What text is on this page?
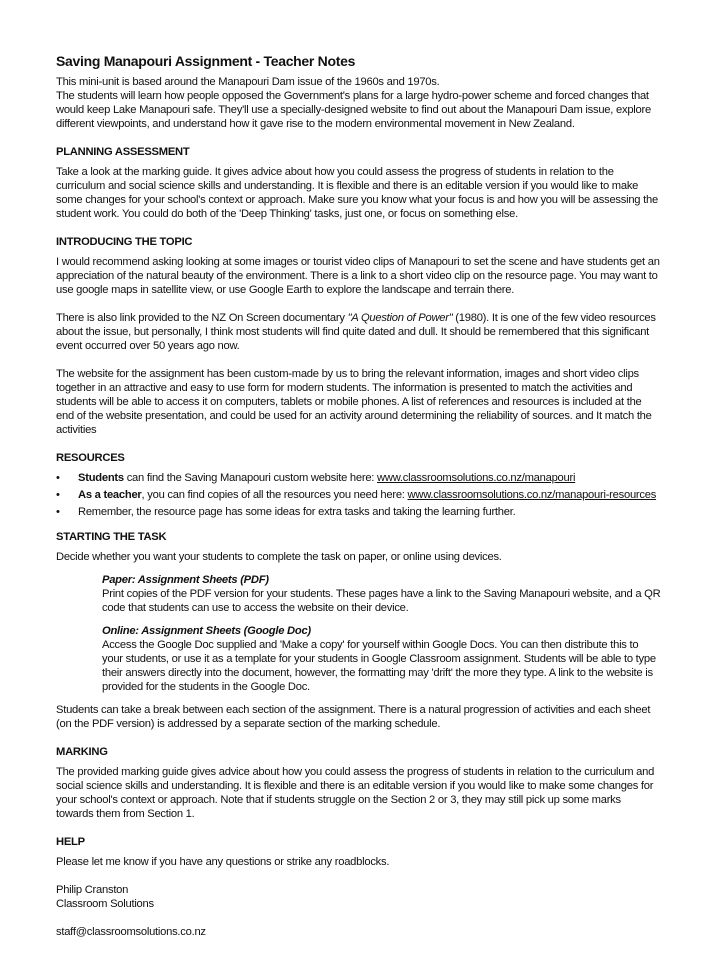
Saving Manapouri Assignment - Teacher Notes

This mini-unit is based around the Manapouri Dam issue of the 1960s and 1970s.

The students will learn how people opposed the Government's plans for a large hydro-power scheme and forced changes that would keep Lake Manapouri safe. They'll use a specially-designed website to find out about the Manapouri Dam issue, explore different viewpoints, and understand how it gave rise to the modern environmental movement in New Zealand.

PLANNING ASSESSMENT

Take a look at the marking guide. It gives advice about how you could assess the progress of students in relation to the curriculum and social science skills and understanding. It is flexible and there is an editable version if you would like to make some changes for your school's context or approach. Make sure you know what your focus is and how you will be assessing the student work. You could do both of the 'Deep Thinking' tasks, just one, or focus on something else.

INTRODUCING THE TOPIC

I would recommend asking looking at some images or tourist video clips of Manapouri to set the scene and have students get an appreciation of the natural beauty of the environment. There is a link to a short video clip on the resource page. You may want to use google maps in satellite view, or use Google Earth to explore the landscape and terrain there.

There is also link provided to the NZ On Screen documentary "A Question of Power" (1980). It is one of the few video resources about the issue, but personally, I think most students will find quite dated and dull. It should be remembered that this significant event occurred over 50 years ago now.

The website for the assignment has been custom-made by us to bring the relevant information, images and short video clips together in an attractive and easy to use form for modern students. The information is presented to match the activities and students will be able to access it on computers, tablets or mobile phones. A list of references and resources is included at the end of the website presentation, and could be used for an activity around determining the reliability of sources. and It match the activities

RESOURCES
• Students can find the Saving Manapouri custom website here: www.classroomsolutions.co.nz/manapouri
• As a teacher, you can find copies of all the resources you need here: www.classroomsolutions.co.nz/manapouri-resources
• Remember, the resource page has some ideas for extra tasks and taking the learning further.
STARTING THE TASK

Decide whether you want your students to complete the task on paper, or online using devices.

Paper: Assignment Sheets (PDF)

Print copies of the PDF version for your students. These pages have a link to the Saving Manapouri website, and a QR code that students can use to access the website on their device.

Online: Assignment Sheets (Google Doc)

Access the Google Doc supplied and 'Make a copy' for yourself within Google Docs. You can then distribute this to your students, or use it as a template for your students in Google Classroom assignment. Students will be able to type their answers directly into the document, however, the formatting may 'drift' the more they type. A link to the website is provided for the students in the Google Doc.

Students can take a break between each section of the assignment. There is a natural progression of activities and each sheet (on the PDF version) is addressed by a separate section of the marking schedule.

MARKING

The provided marking guide gives advice about how you could assess the progress of students in relation to the curriculum and social science skills and understanding. It is flexible and there is an editable version if you would like to make some changes for your school's context or approach. Note that if students struggle on the Section 2 or 3, they may still pick up some marks towards them from Section 1.

HELP

Please let me know if you have any questions or strike any roadblocks.

Philip Cranston

Classroom Solutions

staff@classroomsolutions.co.nz
